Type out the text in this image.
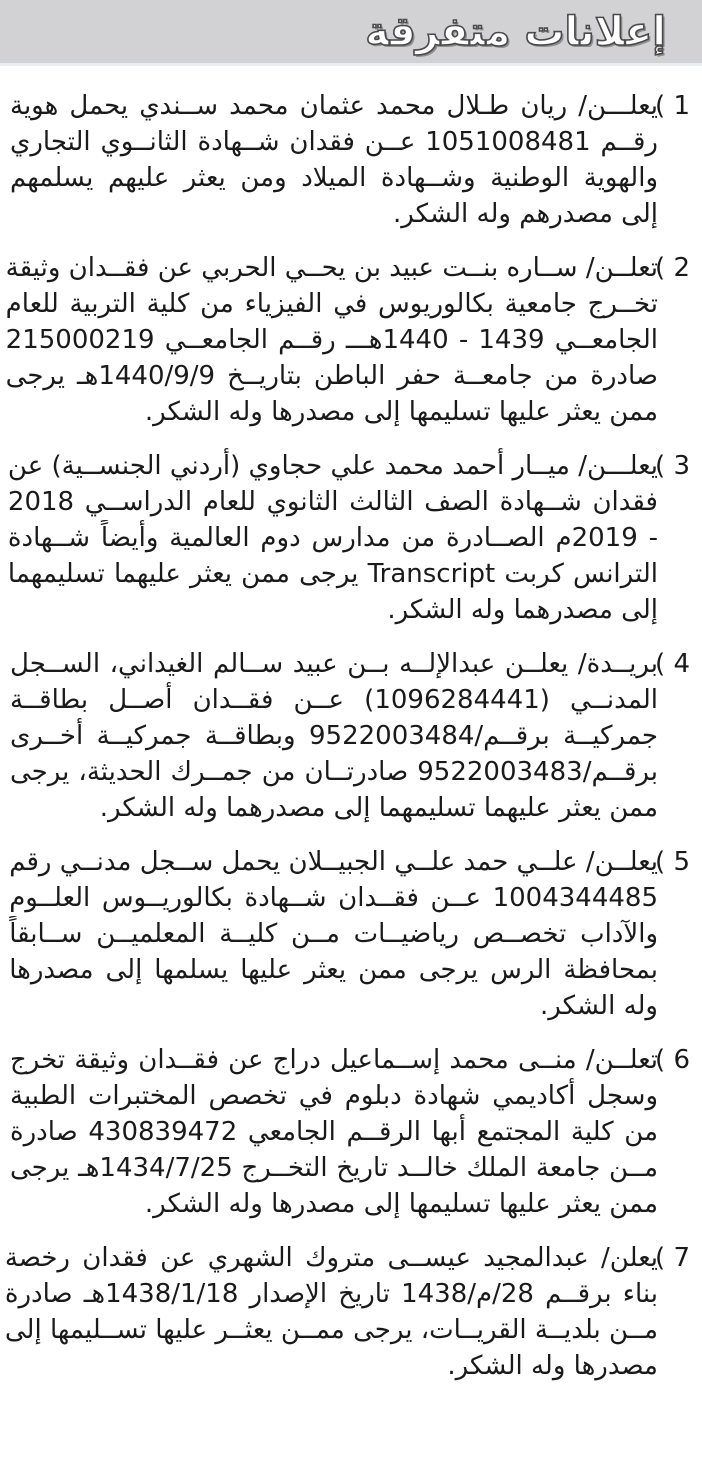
إعلانات متفرقة
1 )
يعلـــن/ ريان طـلال محمد عثمان محمد ســندي يحمل هوية
رقــم 1051008481 عــن فقدان شــهادة الثانــوي التجاري
والهوية الوطنية وشــهادة الميلاد ومن يعثر عليهم يسلمهم
إلى مصدرهم وله الشكر.
2 )
تعلــن/ ســاره بنــت عبيد بن يحــي الحربي عن فقــدان وثيقة
تخــرج جامعية بكالوريوس في الفيزياء من كلية التربية للعام
الجامعــي 1439 - 1440هـــ رقــم الجامعــي 215000219
صادرة من جامعــة حفر الباطن بتاريــخ 1440/9/9هـ يرجى
ممن يعثر عليها تسليمها إلى مصدرها وله الشكر.
3 )
يعلـــن/ ميــار أحمد محمد علي حجاوي (أردني الجنســية) عن
فقدان شــهادة الصف الثالث الثانوي للعام الدراســي 2018
- 2019م الصــادرة من مدارس دوم العالمية وأيضاً شــهادة
الترانس كربت Transcript يرجى ممن يعثر عليهما تسليمهما
إلى مصدرهما وله الشكر.
4 )
بريــدة/ يعلــن عبدالإلــه بــن عبيد ســالم الغيداني، الســجل
المدنــي (1096284441) عــن فقــدان أصــل بطاقــة
جمركيــة برقــم/9522003484 وبطاقــة جمركيــة أخــرى
برقــم/9522003483 صادرتــان من جمــرك الحديثة، يرجى
ممن يعثر عليهما تسليمهما إلى مصدرهما وله الشكر.
5 )
يعلــن/ علــي حمد علــي الجبيــلان يحمل ســجل مدنــي رقم
1004344485 عــن فقــدان شــهادة بكالوريــوس العلــوم
والآداب تخصــص رياضيــات مــن كليــة المعلميــن ســابقاً
بمحافظة الرس يرجى ممن يعثر عليها يسلمها إلى مصدرها
وله الشكر.
6 )
تعلــن/ منــى محمد إســماعيل دراج عن فقــدان وثيقة تخرج
وسجل أكاديمي شهادة دبلوم في تخصص المختبرات الطبية
من كلية المجتمع أبها الرقــم الجامعي 430839472 صادرة
مــن جامعة الملك خالــد تاريخ التخــرج 1434/7/25هـ يرجى
ممن يعثر عليها تسليمها إلى مصدرها وله الشكر.
7 )
يعلن/ عبدالمجيد عيســى متروك الشهري عن فقدان رخصة
بناء برقــم 28/م/1438 تاريخ الإصدار 1438/1/18هـ صادرة
مــن بلديــة القريــات، يرجى ممــن يعثــر عليها تســليمها إلى
مصدرها وله الشكر.
